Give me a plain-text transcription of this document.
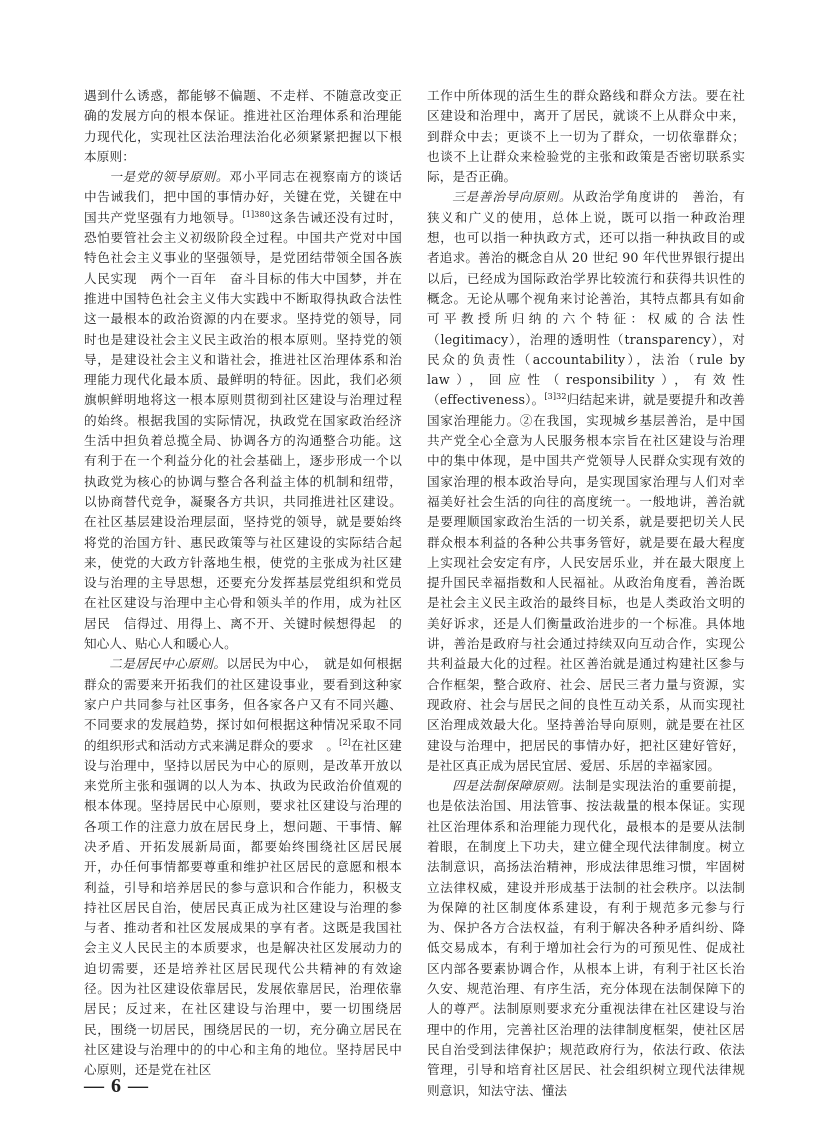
遇到什么诱惑，都能够不偏题、不走样、不随意改变正确的发展方向的根本保证。推进社区治理体系和治理能力现代化，实现社区法治理法治化必须紧紧把握以下根本原则：

一是党的领导原则。邓小平同志在视察南方的谈话中告诫我们，把中国的事情办好，关键在党，关键在中国共产党坚强有力地领导。$^{[1]380}$这条告诫还没有过时，恐怕要管社会主义初级阶段全过程。中国共产党对中国特色社会主义事业的坚强领导，是党团结带领全国各族人民实现　两个一百年　奋斗目标的伟大中国梦，并在推进中国特色社会主义伟大实践中不断取得执政合法性这一最根本的政治资源的内在要求。坚持党的领导，同时也是建设社会主义民主政治的根本原则。坚持党的领导，是建设社会主义和谐社会，推进社区治理体系和治理能力现代化最本质、最鲜明的特征。因此，我们必须旗帜鲜明地将这一根本原则贯彻到社区建设与治理过程的始终。根据我国的实际情况，执政党在国家政治经济生活中担负着总揽全局、协调各方的沟通整合功能。这有利于在一个利益分化的社会基础上，逐步形成一个以执政党为核心的协调与整合各利益主体的机制和纽带，以协商替代竞争，凝聚各方共识，共同推进社区建设。在社区基层建设治理层面，坚持党的领导，就是要始终将党的治国方针、惠民政策等与社区建设的实际结合起来，使党的大政方针落地生根，使党的主张成为社区建设与治理的主导思想，还要充分发挥基层党组织和党员在社区建设与治理中主心骨和领头羊的作用，成为社区居民　信得过、用得上、离不开、关键时候想得起　的知心人、贴心人和暖心人。

二是居民中心原则。以居民为中心，　就是如何根据群众的需要来开拓我们的社区建设事业，要看到这种家家户户共同参与社区事务，但各家各户又有不同兴趣、不同要求的发展趋势，探讨如何根据这种情况采取不同的组织形式和活动方式来满足群众的要求　。[2]在社区建设与治理中，坚持以居民为中心的原则，是改革开放以来党所主张和强调的以人为本、执政为民政治价值观的根本体现。坚持居民中心原则，要求社区建设与治理的各项工作的注意力放在居民身上，想问题、干事情、解决矛盾、开拓发展新局面，都要始终围绕社区居民展开，办任何事情都要尊重和维护社区居民的意愿和根本利益，引导和培养居民的参与意识和合作能力，积极支持社区居民自治，使居民真正成为社区建设与治理的参与者、推动者和社区发展成果的享有者。这既是我国社会主义人民民主的本质要求，也是解决社区发展动力的迫切需要，还是培养社区居民现代公共精神的有效途径。因为社区建设依靠居民，发展依靠居民，治理依靠居民；反过来，在社区建设与治理中，要一切围绕居民，围绕一切居民，围绕居民的一切，充分确立居民在社区建设与治理中的的中心和主角的地位。坚持居民中心原则，还是党在社区

工作中所体现的活生生的群众路线和群众方法。要在社区建设和治理中，离开了居民，就谈不上从群众中来，到群众中去；更谈不上一切为了群众，一切依靠群众；也谈不上让群众来检验党的主张和政策是否密切联系实际，是否正确。

三是善治导向原则。从政治学角度讲的　善治，有狭义和广义的使用，总体上说，既可以指一种政治理想，也可以指一种执政方式，还可以指一种执政目的或者追求。善治的概念自从 20 世纪 90 年代世界银行提出以后，已经成为国际政治学界比较流行和获得共识性的概念。无论从哪个视角来讨论善治，其特点都具有如俞可平教授所归纳的六个特征：权威的合法性（legitimacy），治理的透明性（transparency），对民众的负责性（accountability），法治（rule by law），回应性（responsibility），有效性（effectiveness）。$^{[3]32}$归结起来讲，就是要提升和改善国家治理能力。②在我国，实现城乡基层善治，是中国共产党全心全意为人民服务根本宗旨在社区建设与治理中的集中体现，是中国共产党领导人民群众实现有效的国家治理的根本政治导向，是实现国家治理与人们对幸福美好社会生活的向往的高度统一。一般地讲，善治就是要理顺国家政治生活的一切关系，就是要把切关人民群众根本利益的各种公共事务管好，就是要在最大程度上实现社会安定有序，人民安居乐业，并在最大限度上提升国民幸福指数和人民福祉。从政治角度看，善治既是社会主义民主政治的最终目标，也是人类政治文明的美好诉求，还是人们衡量政治进步的一个标准。具体地讲，善治是政府与社会通过持续双向互动合作，实现公共利益最大化的过程。社区善治就是通过构建社区参与合作框架，整合政府、社会、居民三者力量与资源，实现政府、社会与居民之间的良性互动关系，从而实现社区治理成效最大化。坚持善治导向原则，就是要在社区建设与治理中，把居民的事情办好，把社区建好管好，是社区真正成为居民宜居、爱居、乐居的幸福家园。

四是法制保障原则。法制是实现法治的重要前提，也是依法治国、用法管事、按法裁量的根本保证。实现社区治理体系和治理能力现代化，最根本的是要从法制着眼，在制度上下功夫，建立健全现代法律制度。树立法制意识，高扬法治精神，形成法律思维习惯，牢固树立法律权威，建设并形成基于法制的社会秩序。以法制为保障的社区制度体系建设，有利于规范多元参与行为、保护各方合法权益，有利于解决各种矛盾纠纷、降低交易成本，有利于增加社会行为的可预见性、促成社区内部各要素协调合作，从根本上讲，有利于社区长治久安、规范治理、有序生活，充分体现在法制保障下的人的尊严。法制原则要求充分重视法律在社区建设与治理中的作用，完善社区治理的法律制度框架，使社区居民自治受到法律保护；规范政府行为，依法行政、依法管理，引导和培育社区居民、社会组织树立现代法律规则意识，知法守法、懂法

— 6 —
